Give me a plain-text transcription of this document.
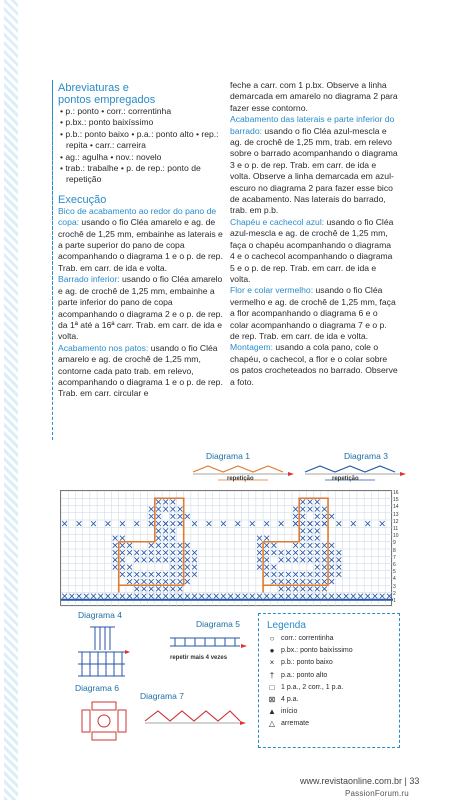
Abreviaturas e
pontos empregados
• p.: ponto • corr.: correntinha
• p.bx.: ponto baixíssimo
• p.b.: ponto baixo • p.a.: ponto alto • rep.: repita • carr.: carreira
• ag.: agulha • nov.: novelo
• trab.: trabalhe • p. de rep.: ponto de repetição
Execução
Bico de acabamento ao redor do pano de copa: usando o fio Cléa amarelo e ag. de crochê de 1,25 mm, embainhe as laterais e a parte superior do pano de copa acompanhando o diagrama 1 e o p. de rep. Trab. em carr. de ida e volta.
Barrado inferior: usando o fio Cléa amarelo e ag. de crochê de 1,25 mm, embainhe a parte inferior do pano de copa acompanhando o diagrama 2 e o p. de rep. da 1ª até a 16ª carr. Trab. em carr. de ida e volta.
Acabamento nos patos: usando o fio Cléa amarelo e ag. de crochê de 1,25 mm, contorne cada pato trab. em relevo, acompanhando o diagrama 1 e o p. de rep. Trab. em carr. circular e
feche a carr. com 1 p.bx. Observe a linha demarcada em amarelo no diagrama 2 para fazer esse contorno.
Acabamento das laterais e parte inferior do barrado: usando o fio Cléa azul-mescla e ag. de crochê de 1,25 mm, trab. em relevo sobre o barrado acompanhando o diagrama 3 e o p. de rep. Trab. em carr. de ida e volta. Observe a linha demarcada em azul-escuro no diagrama 2 para fazer esse bico de acabamento. Nas laterais do barrado, trab. em p.b.
Chapéu e cachecol azul: usando o fio Cléa azul-mescla e ag. de crochê de 1,25 mm, faça o chapéu acompanhando o diagrama 4 e o cachecol acompanhando o diagrama 5 e o p. de rep. Trab. em carr. de ida e volta.
Flor e colar vermelho: usando o fio Cléa vermelho e ag. de crochê de 1,25 mm, faça a flor acompanhando o diagrama 6 e o colar acompanhando o diagrama 7 e o p. de rep. Trab. em carr. de ida e volta.
Montagem: usando a cola pano, cole o chapéu, o cachecol, a flor e o colar sobre os patos crocheteados no barrado. Observe a foto.
Diagrama 1
repetição
Diagrama 3
repetição
16
15
14
13
12
11
10
9
8
7
6
5
4
3
2
1
Diagrama 4
Diagrama 5
repetir mais 4 vezes
Diagrama 6
Diagrama 7
Legenda
○ corr.: correntinha
● p.bx.: ponto baixíssimo
× p.b.: ponto baixo
† p.a.: ponto alto
□ 1 p.a., 2 corr., 1 p.a.
⊠ 4 p.a.
▲ início
△ arremate
www.revistaonline.com.br | 33
PassionForum.ru
